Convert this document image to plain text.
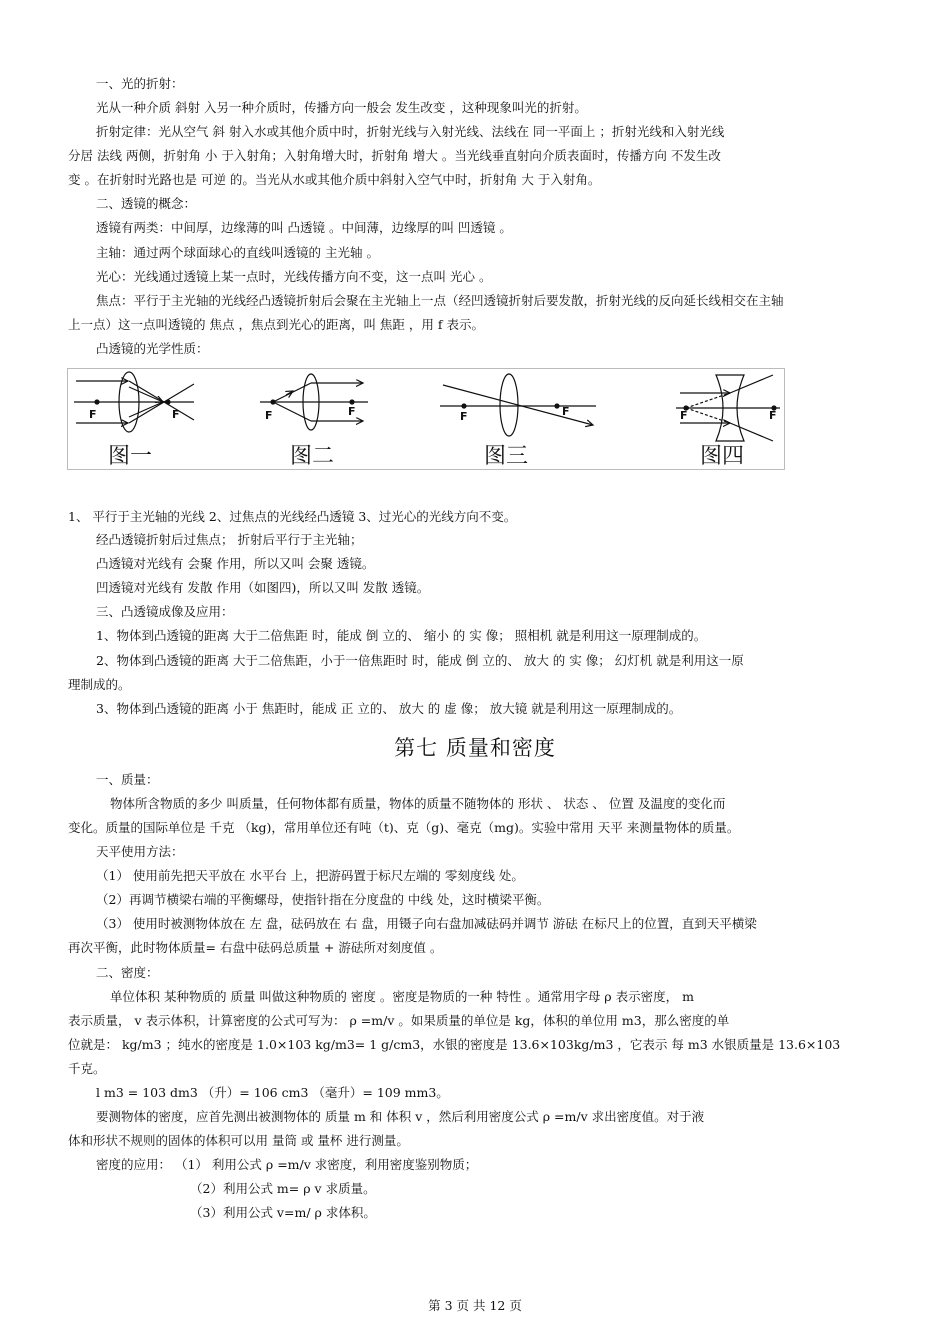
一、光的折射：
光从一种介质 斜射 入另一种介质时，传播方向一般会 发生改变 ，这种现象叫光的折射。
折射定律：光从空气 斜 射入水或其他介质中时，折射光线与入射光线、法线在 同一平面上 ；折射光线和入射光线
分居 法线 两侧，折射角 小 于入射角；入射角增大时，折射角 增大 。当光线垂直射向介质表面时，传播方向 不发生改
变 。在折射时光路也是 可逆 的。当光从水或其他介质中斜射入空气中时，折射角 大 于入射角。
二、透镜的概念：
透镜有两类：中间厚，边缘薄的叫 凸透镜 。中间薄，边缘厚的叫 凹透镜 。
主轴：通过两个球面球心的直线叫透镜的 主光轴 。
光心：光线通过透镜上某一点时，光线传播方向不变，这一点叫 光心 。
焦点：平行于主光轴的光线经凸透镜折射后会聚在主光轴上一点（经凹透镜折射后要发散，折射光线的反向延长线相交在主轴
上一点）这一点叫透镜的 焦点 ，焦点到光心的距离，叫 焦距 ，用 f 表示。
凸透镜的光学性质：
F	F	F	F	F	F	F	F
图一	图二	图三	图四
1、 平行于主光轴的光线 2、过焦点的光线经凸透镜 3、过光心的光线方向不变。
经凸透镜折射后过焦点； 折射后平行于主光轴；
凸透镜对光线有 会聚 作用，所以又叫 会聚 透镜。
凹透镜对光线有 发散 作用（如图四)，所以又叫 发散 透镜。
三、凸透镜成像及应用：
1、物体到凸透镜的距离 大于二倍焦距 时，能成 倒 立的、 缩小 的 实 像； 照相机 就是利用这一原理制成的。
2、物体到凸透镜的距离 大于二倍焦距，小于一倍焦距时 时，能成 倒 立的、 放大 的 实 像； 幻灯机 就是利用这一原
理制成的。
3、物体到凸透镜的距离 小于 焦距时，能成 正 立的、 放大 的 虚 像； 放大镜 就是利用这一原理制成的。
第七 质量和密度
一、质量：
物体所含物质的多少 叫质量，任何物体都有质量，物体的质量不随物体的 形状 、 状态 、 位置 及温度的变化而
变化。质量的国际单位是 千克 （kg)，常用单位还有吨（t)、克（g)、毫克（mg)。实验中常用 天平 来测量物体的质量。
天平使用方法：
（1） 使用前先把天平放在 水平台 上，把游码置于标尺左端的 零刻度线 处。
（2）再调节横梁右端的平衡螺母，使指针指在分度盘的 中线 处，这时横梁平衡。
（3） 使用时被测物体放在 左 盘，砝码放在 右 盘，用镊子向右盘加减砝码并调节 游砝 在标尺上的位置，直到天平横梁
再次平衡，此时物体质量= 右盘中砝码总质量 + 游砝所对刻度值 。
二、密度：
单位体积 某种物质的 质量 叫做这种物质的 密度 。密度是物质的一种 特性 。通常用字母 ρ 表示密度， m
表示质量， v 表示体积，计算密度的公式可写为： ρ =m/v 。如果质量的单位是 kg，体积的单位用 m3，那么密度的单
位就是： kg/m3 ；纯水的密度是 1.0×103 kg/m3= 1 g/cm3，水银的密度是 13.6×103kg/m3 ，它表示 每 m3 水银质量是 13.6×103
千克。
l m3 = 103 dm3 （升）= 106 cm3 （毫升）= 109 mm3。
要测物体的密度，应首先测出被测物体的 质量 m 和 体积 v ，然后利用密度公式 ρ =m/v 求出密度值。对于液
体和形状不规则的固体的体积可以用 量筒 或 量杯 进行测量。
密度的应用： （1） 利用公式 ρ =m/v 求密度，利用密度鉴别物质；
（2）利用公式 m= ρ v 求质量。
（3）利用公式 v=m/ ρ 求体积。
第 3 页 共 12 页
